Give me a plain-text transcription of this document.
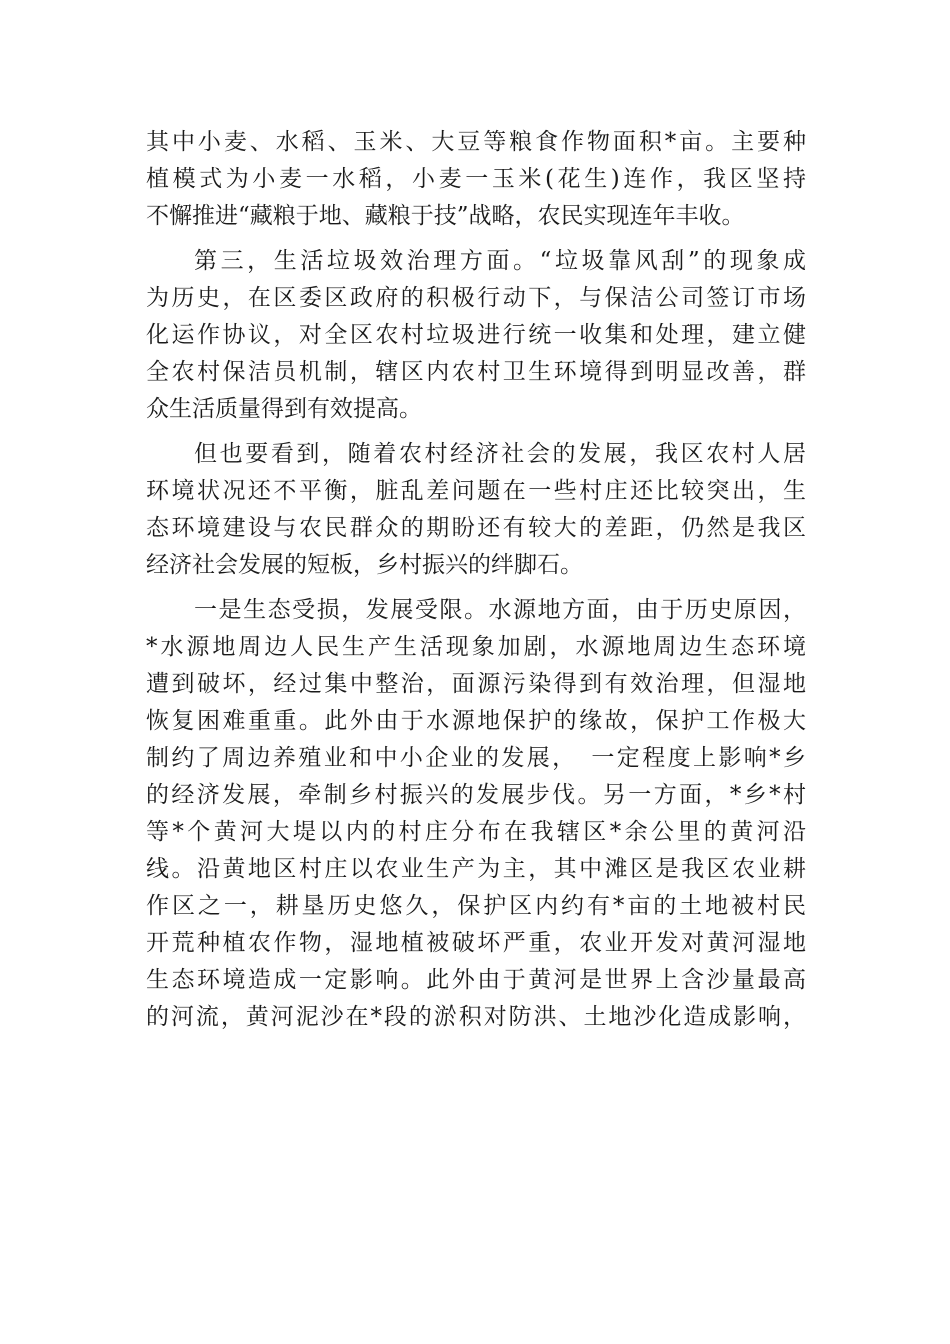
其中小麦、水稻、玉米、大豆等粮食作物面积*亩。主要种
植模式为小麦一水稻，小麦一玉米(花生)连作，我区坚持
不懈推进“藏粮于地、藏粮于技”战略，农民实现连年丰收。
第三，生活垃圾效治理方面。“垃圾靠风刮”的现象成
为历史，在区委区政府的积极行动下，与保洁公司签订市场
化运作协议，对全区农村垃圾进行统一收集和处理，建立健
全农村保洁员机制，辖区内农村卫生环境得到明显改善，群
众生活质量得到有效提高。
但也要看到，随着农村经济社会的发展，我区农村人居
环境状况还不平衡，脏乱差问题在一些村庄还比较突出，生
态环境建设与农民群众的期盼还有较大的差距，仍然是我区
经济社会发展的短板，乡村振兴的绊脚石。
一是生态受损，发展受限。水源地方面，由于历史原因，
*水源地周边人民生产生活现象加剧，水源地周边生态环境
遭到破坏，经过集中整治，面源污染得到有效治理，但湿地
恢复困难重重。此外由于水源地保护的缘故，保护工作极大
制约了周边养殖业和中小企业的发展，　一定程度上影响*乡
的经济发展，牵制乡村振兴的发展步伐。另一方面，*乡*村
等*个黄河大堤以内的村庄分布在我辖区*余公里的黄河沿
线。沿黄地区村庄以农业生产为主，其中滩区是我区农业耕
作区之一，耕垦历史悠久，保护区内约有*亩的土地被村民
开荒种植农作物，湿地植被破坏严重，农业开发对黄河湿地
生态环境造成一定影响。此外由于黄河是世界上含沙量最高
的河流，黄河泥沙在*段的淤积对防洪、土地沙化造成影响，
